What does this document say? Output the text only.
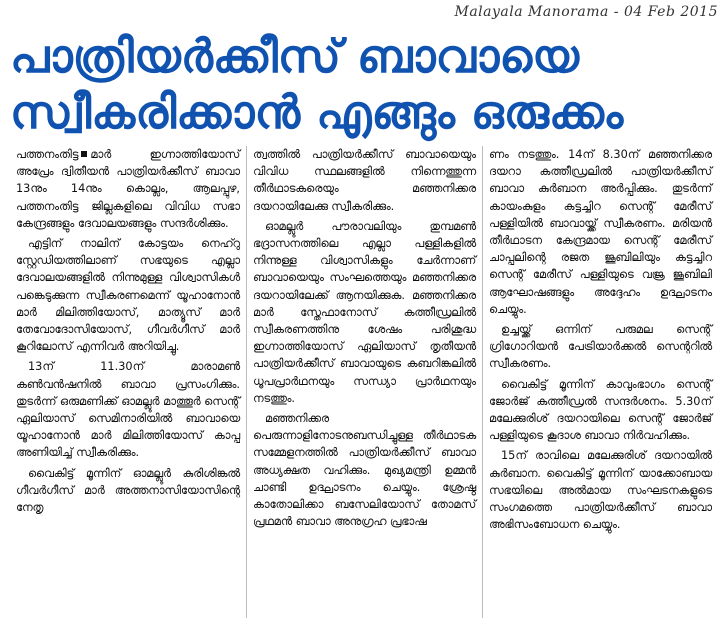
Malayala Manorama - 04 Feb 2015
പാത്രിയർക്കീസ് ബാവായെ
സ്വീകരിക്കാൻ എങ്ങും ഒരുക്കം

പത്തനംതിട്ട മാർ ഇഗ്നാത്തിയോസ് അപ്രേം ദ്വിതീയൻ പാത്രിയർക്കീസ് ബാവാ 13നും 14നും കൊല്ലം, ആലപ്പുഴ, പത്തനംതിട്ട ജില്ലകളിലെ വിവിധ സഭാ കേന്ദ്രങ്ങളും ദേവാലയങ്ങളും സന്ദർശിക്കും.

എട്ടിന് നാലിന് കോട്ടയം നെഹ്റു സ്റ്റേഡിയത്തിലാണ് സഭയുടെ എല്ലാ ദേവാലയങ്ങളിൽ നിന്നുമുള്ള വിശ്വാസികൾ പങ്കെടുക്കുന്ന സ്വീകരണമെന്ന് യൂഹാനോൻ മാർ മിലിത്തിയോസ്, മാത്യൂസ് മാർ തേവോദോസിയോസ്, ഗീവർഗീസ് മാർ കൂറിലോസ് എന്നിവർ അറിയിച്ചു.

13ന് 11.30ന് മാരാമൺ കൺവൻഷനിൽ ബാവാ പ്രസംഗിക്കും. തുടർന്ന് ഒരുമണിക്ക് ഓമല്ലൂർ മാത്തൂർ സെന്റ് ഏലിയാസ് സെമിനാരിയിൽ ബാവായെ യൂഹാനോൻ മാർ മിലിത്തിയോസ് കാപ്പ അണിയിച്ച് സ്വീകരിക്കും.

വൈകിട്ട് മൂന്നിന് ഓമല്ലൂർ കുരിശിങ്കൽ ഗീവർഗീസ് മാർ അത്തനാസിയോസിന്റെ നേതൃ

ത്വത്തിൽ പാത്രിയർക്കീസ് ബാവായെയും വിവിധ സ്ഥലങ്ങളിൽ നിന്നെത്തുന്ന തീർഥാടകരെയും മഞ്ഞനിക്കര ദയറായിലേക്കു സ്വീകരിക്കും.

ഓമല്ലൂർ പൗരാവലിയും തുമ്പമൺ ഭദ്രാസനത്തിലെ എല്ലാ പള്ളികളിൽ നിന്നുള്ള വിശ്വാസികളും ചേർന്നാണ് ബാവായെയും സംഘത്തെയും മഞ്ഞനിക്കര ദയറായിലേക്ക് ആനയിക്കുക. മഞ്ഞനിക്കര മാർ സ്തേഫാനോസ് കത്തീഡ്രലിൽ സ്വീകരണത്തിനു ശേഷം പരിശുദ്ധ ഇഗ്നാത്തിയോസ് ഏലിയാസ് തൃതീയൻ പാത്രിയർക്കീസ് ബാവായുടെ കബറിങ്കലിൽ ധൂപപ്രാർഥനയും സന്ധ്യാ പ്രാർഥനയും നടത്തും.

മഞ്ഞനിക്കര പെരുന്നാളിനോടനുബന്ധിച്ചുള്ള തീർഥാടക സമ്മേളനത്തിൽ പാത്രിയർക്കീസ് ബാവാ അധ്യക്ഷത വഹിക്കും. മുഖ്യമന്ത്രി ഉമ്മൻ ചാണ്ടി ഉദ്ഘാടനം ചെയ്യും. ശ്രേഷ്ഠ കാതോലിക്കാ ബസേലിയോസ് തോമസ് പ്രഥമൻ ബാവാ അനുഗ്രഹ പ്രഭാഷ

ണം നടത്തും. 14ന് 8.30ന് മഞ്ഞനിക്കര ദയറാ കത്തീഡ്രലിൽ പാത്രിയർക്കീസ് ബാവാ കുർബാന അർപ്പിക്കും. തുടർന്ന് കായംകുളം കട്ടച്ചിറ സെന്റ് മേരീസ് പള്ളിയിൽ ബാവായ്ക്ക് സ്വീകരണം. മരിയൻ തീർഥാടന കേന്ദ്രമായ സെന്റ് മേരീസ് ചാപ്പലിന്റെ രജത ജൂബിലിയും കട്ടച്ചിറ സെന്റ് മേരീസ് പള്ളിയുടെ വജ്ര ജൂബിലി ആഘോഷങ്ങളും അദ്ദേഹം ഉദ്ഘാടനം ചെയ്യും.

ഉച്ചയ്ക്ക് ഒന്നിന് പരുമല സെന്റ് ഗ്രിഗോറിയൻ പേട്രിയാർക്കൽ സെന്ററിൽ സ്വീകരണം.

വൈകിട്ട് മൂന്നിന് കാവുംഭാഗം സെന്റ് ജോർജ് കത്തീഡ്രൽ സന്ദർശനം. 5.30ന് മലേക്കുരിശ് ദയറായിലെ സെന്റ് ജോർജ് പള്ളിയുടെ കൂദാശ ബാവാ നിർവഹിക്കും.

15ന് രാവിലെ മലേക്കുരിശ് ദയറായിൽ കുർബാന. വൈകിട്ട് മൂന്നിന് യാക്കോബായ സഭയിലെ അൽമായ സംഘടനകളുടെ സംഗമത്തെ പാത്രിയർക്കീസ് ബാവാ അഭിസംബോധന ചെയ്യും.
